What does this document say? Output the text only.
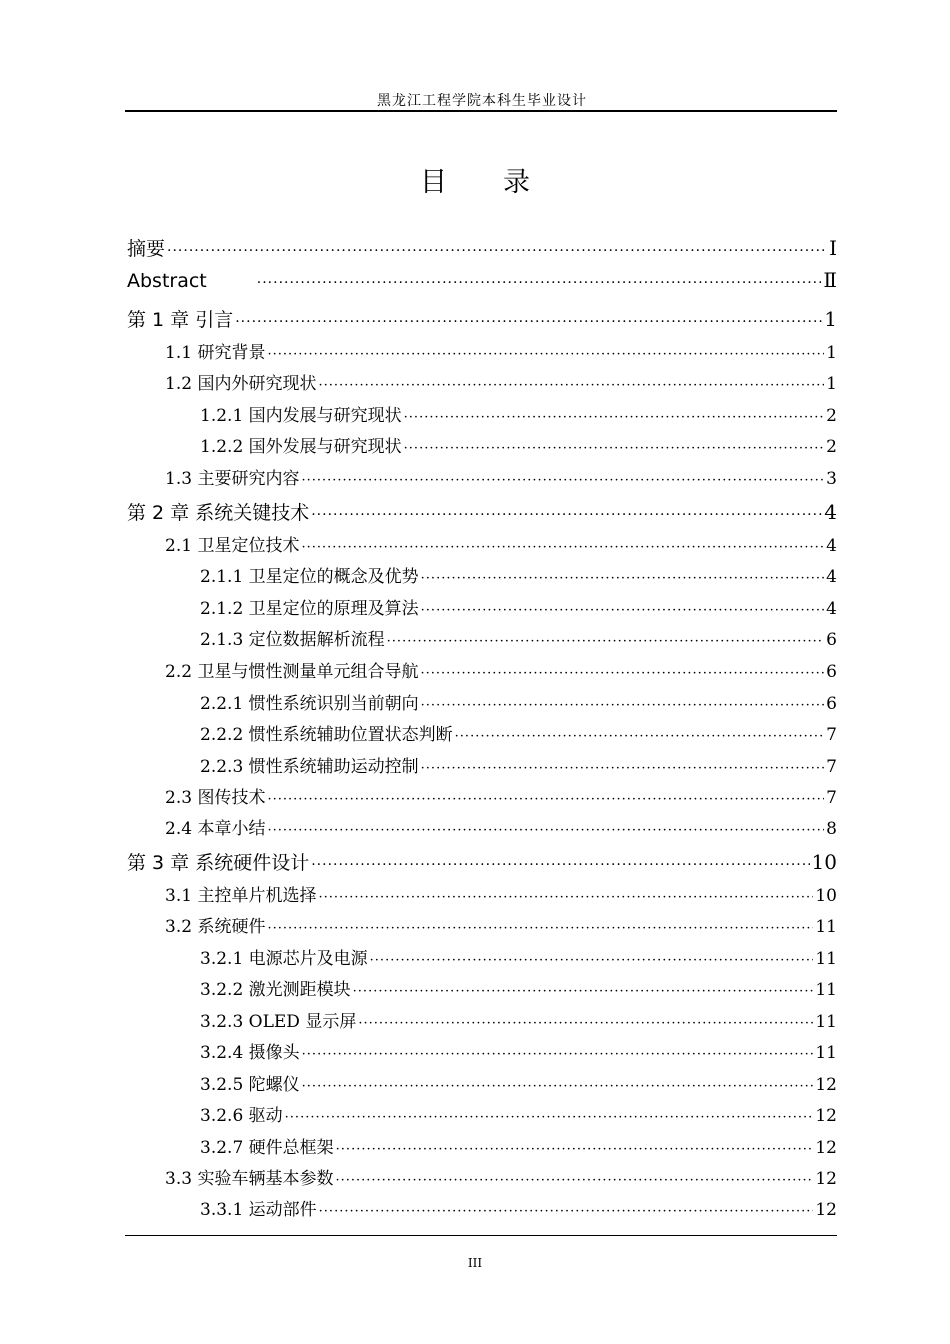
黑龙江工程学院本科生毕业设计
目 录
摘要 ·····	I
Abstract ·····	Ⅱ
第 1 章 引言 ·····	1
1.1 研究背景 ·····	1
1.2 国内外研究现状 ·····	1
1.2.1 国内发展与研究现状 ·····	2
1.2.2 国外发展与研究现状 ·····	2
1.3 主要研究内容 ·····	3
第 2 章 系统关键技术 ·····	4
2.1 卫星定位技术 ·····	4
2.1.1 卫星定位的概念及优势 ·····	4
2.1.2 卫星定位的原理及算法 ·····	4
2.1.3 定位数据解析流程 ·····	6
2.2 卫星与惯性测量单元组合导航 ·····	6
2.2.1 惯性系统识别当前朝向 ·····	6
2.2.2 惯性系统辅助位置状态判断 ·····	7
2.2.3 惯性系统辅助运动控制 ·····	7
2.3 图传技术 ·····	7
2.4 本章小结 ·····	8
第 3 章 系统硬件设计 ·····	10
3.1 主控单片机选择 ·····	10
3.2 系统硬件 ·····	11
3.2.1 电源芯片及电源 ·····	11
3.2.2 激光测距模块 ·····	11
3.2.3 OLED 显示屏 ·····	11
3.2.4 摄像头 ·····	11
3.2.5 陀螺仪 ·····	12
3.2.6 驱动 ·····	12
3.2.7 硬件总框架 ·····	12
3.3 实验车辆基本参数 ·····	12
3.3.1 运动部件 ·····	12
III
